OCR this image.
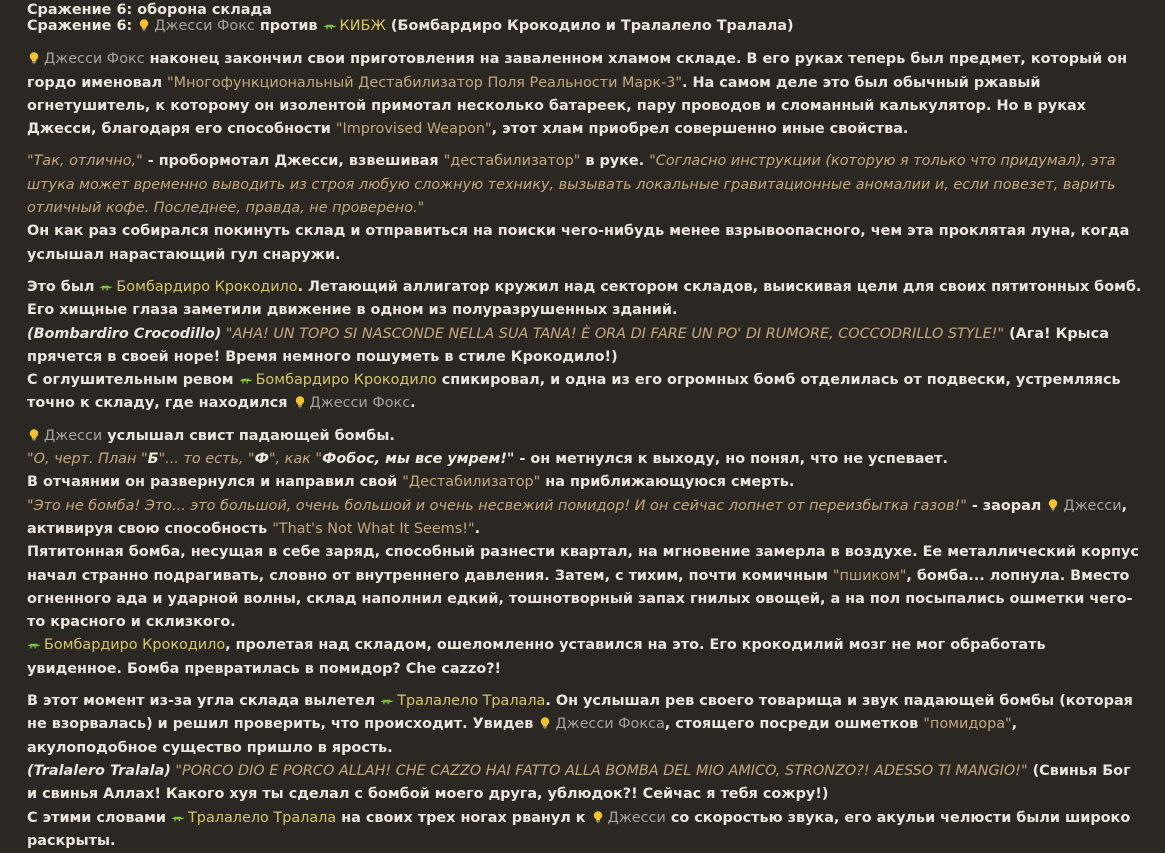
Сражение 6: оборона склада
Сражение 6:
Джесси Фокс против
КИБЖ (Бомбардиро Крокодило и Тралалело Тралала)
Джесси Фокс наконец закончил свои приготовления на заваленном хламом складе. В его руках теперь был предмет, который он гордо именовал "Многофункциональный Дестабилизатор Поля Реальности Марк-3". На самом деле это был обычный ржавый огнетушитель, к которому он изолентой примотал несколько батареек, пару проводов и сломанный калькулятор. Но в руках Джесси, благодаря его способности "Improvised Weapon", этот хлам приобрел совершенно иные свойства.
"Так, отлично," - пробормотал Джесси, взвешивая "дестабилизатор" в руке. "Согласно инструкции (которую я только что придумал), эта штука может временно выводить из строя любую сложную технику, вызывать локальные гравитационные аномалии и, если повезет, варить отличный кофе. Последнее, правда, не проверено."
Он как раз собирался покинуть склад и отправиться на поиски чего-нибудь менее взрывоопасного, чем эта проклятая луна, когда услышал нарастающий гул снаружи.
Это был
Бомбардиро Крокодило. Летающий аллигатор кружил над сектором складов, выискивая цели для своих пятитонных бомб. Его хищные глаза заметили движение в одном из полуразрушенных зданий.
(Bombardiro Crocodillo) "AHA! UN TOPO SI NASCONDE NELLA SUA TANA! È ORA DI FARE UN PO' DI RUMORE, COCCODRILLO STYLE!" (Ага! Крыса прячется в своей норе! Время немного пошуметь в стиле Крокодило!)
С оглушительным ревом
Бомбардиро Крокодило спикировал, и одна из его огромных бомб отделилась от подвески, устремляясь точно к складу, где находился
Джесси Фокс.
Джесси услышал свист падающей бомбы.
"О, черт. План "Б"... то есть, "Ф", как "Фобос, мы все умрем!" - он метнулся к выходу, но понял, что не успевает.
В отчаянии он развернулся и направил свой "Дестабилизатор" на приближающуюся смерть.
"Это не бомба! Это... это большой, очень большой и очень несвежий помидор! И он сейчас лопнет от переизбытка газов!" - заорал
Джесси, активируя свою способность "That's Not What It Seems!".
Пятитонная бомба, несущая в себе заряд, способный разнести квартал, на мгновение замерла в воздухе. Ее металлический корпус начал странно подрагивать, словно от внутреннего давления. Затем, с тихим, почти комичным "пшиком", бомба... лопнула. Вместо огненного ада и ударной волны, склад наполнил едкий, тошнотворный запах гнилых овощей, а на пол посыпались ошметки чего-то красного и склизкого.
Бомбардиро Крокодило, пролетая над складом, ошеломленно уставился на это. Его крокодилий мозг не мог обработать увиденное. Бомба превратилась в помидор? Che cazzo?!
В этот момент из-за угла склада вылетел
Тралалело Тралала. Он услышал рев своего товарища и звук падающей бомбы (которая не взорвалась) и решил проверить, что происходит. Увидев
Джесси Фокса, стоящего посреди ошметков "помидора", акулоподобное существо пришло в ярость.
(Tralalero Tralala) "PORCO DIO E PORCO ALLAH! CHE CAZZO HAI FATTO ALLA BOMBA DEL MIO AMICO, STRONZO?! ADESSO TI MANGIO!" (Свинья Бог и свинья Аллах! Какого хуя ты сделал с бомбой моего друга, ублюдок?! Сейчас я тебя сожру!)
С этими словами
Тралалело Тралала на своих трех ногах рванул к
Джесси со скоростью звука, его акульи челюсти были широко раскрыты.
